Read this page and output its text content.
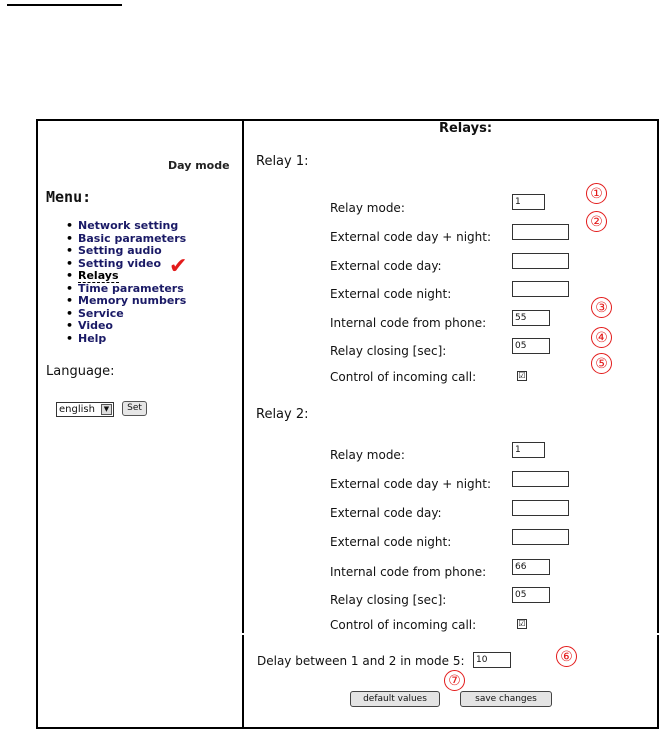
Day mode
Menu:
• Network setting
• Basic parameters
• Setting audio
• Setting video
• Relays ✔
• Time parameters
• Memory numbers
• Service
• Video
• Help
Language:
english	▼	Set
Relays:
Relay 1:
Relay mode:	1
External code day + night:
External code day:
External code night:
Internal code from phone:	55
Relay closing [sec]:	05
Control of incoming call:	☑
Relay 2:
Relay mode:	1
External code day + night:
External code day:
External code night:
Internal code from phone:	66
Relay closing [sec]:	05
Control of incoming call:	☑
Delay between 1 and 2 in mode 5:	10
default values	save changes
①
②
③
④
⑤
⑥
⑦
